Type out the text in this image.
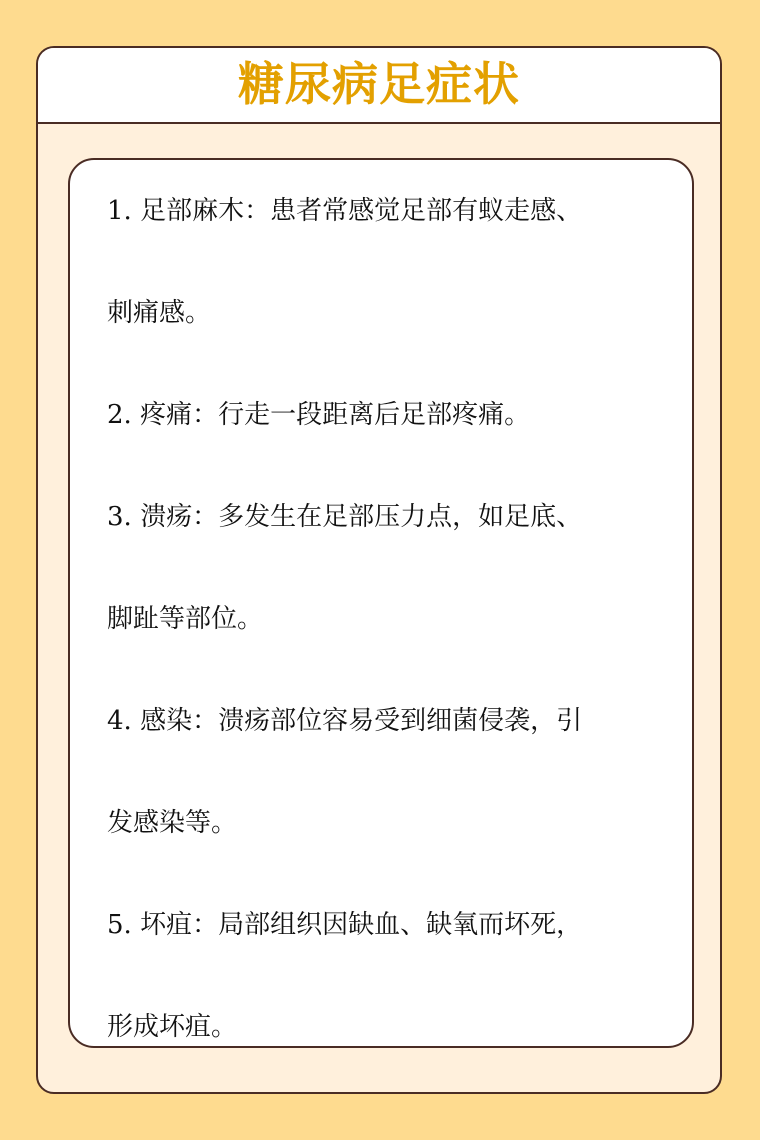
糖尿病足症状
1. 足部麻木：患者常感觉足部有蚁走感、
刺痛感。
2. 疼痛：行走一段距离后足部疼痛。
3. 溃疡：多发生在足部压力点，如足底、
脚趾等部位。
4. 感染：溃疡部位容易受到细菌侵袭，引
发感染等。
5. 坏疽：局部组织因缺血、缺氧而坏死，
形成坏疽。
